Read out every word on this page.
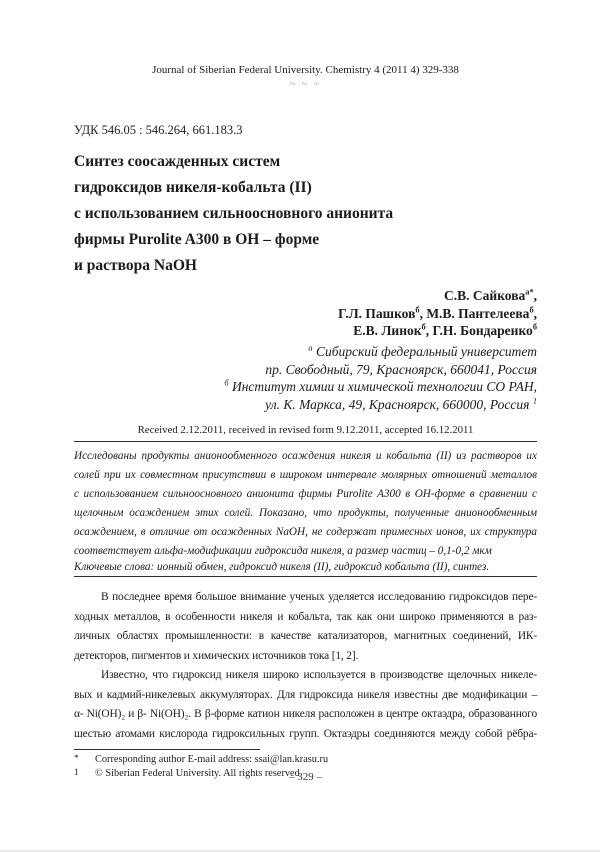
Journal of Siberian Federal University. Chemistry 4 (2011 4) 329-338
~ ~ ~
УДК 546.05 : 546.264, 661.183.3
Синтез соосажденных систем
гидроксидов никеля-кобальта (II)
с использованием сильноосновного анионита
фирмы Purolite A300 в ОН – форме
и раствора NaOH
С.В. Сайкова$^{а*}$,
Г.Л. Пашков$^б$, М.В. Пантелеева$^б$,
Е.В. Линок$^б$, Г.Н. Бондаренко$^б$
$^а$ Сибирский федеральный университет
пр. Свободный, 79, Красноярск, 660041, Россия
$^б$ Институт химии и химической технологии СО РАН,
ул. К. Маркса, 49, Красноярск, 660000, Россия $^1$
Received 2.12.2011, received in revised form 9.12.2011, accepted 16.12.2011
Исследованы продукты анионообменного осаждения никеля и кобальта (II) из растворов их
солей при их совместном присутствии в широком интервале молярных отношений металлов
с использованием сильноосновного анионита фирмы Purolite A300 в ОН-форме в сравнении с
щелочным осаждением этих солей. Показано, что продукты, полученные анионообменным
осаждением, в отличие от осажденных NaOH, не содержат примесных ионов, их структура
соответствует альфа-модификации гидроксида никеля, а размер частиц – 0,1-0,2 мкм
Ключевые слова: ионный обмен, гидроксид никеля (II), гидроксид кобальта (II), синтез.
В последнее время большое внимание ученых уделяется исследованию гидроксидов пере-
ходных металлов, в особенности никеля и кобальта, так как они широко применяются в раз-
личных областях промышленности: в качестве катализаторов, магнитных соединений, ИК-
детекторов, пигментов и химических источников тока [1, 2].
Известно, что гидроксид никеля широко используется в производстве щелочных никеле-
вых и кадмий-никелевых аккумуляторах. Для гидроксида никеля известны две модификации –
α- Ni(OH)₂ и β- Ni(OH)₂. В β-форме катион никеля расположен в центре октаэдра, образованного
шестью атомами кислорода гидроксильных групп. Октаэдры соединяются между собой рёбра-
* Corresponding author E-mail address: ssai@lan.krasu.ru
1 © Siberian Federal University. All rights reserved
– 329 –
